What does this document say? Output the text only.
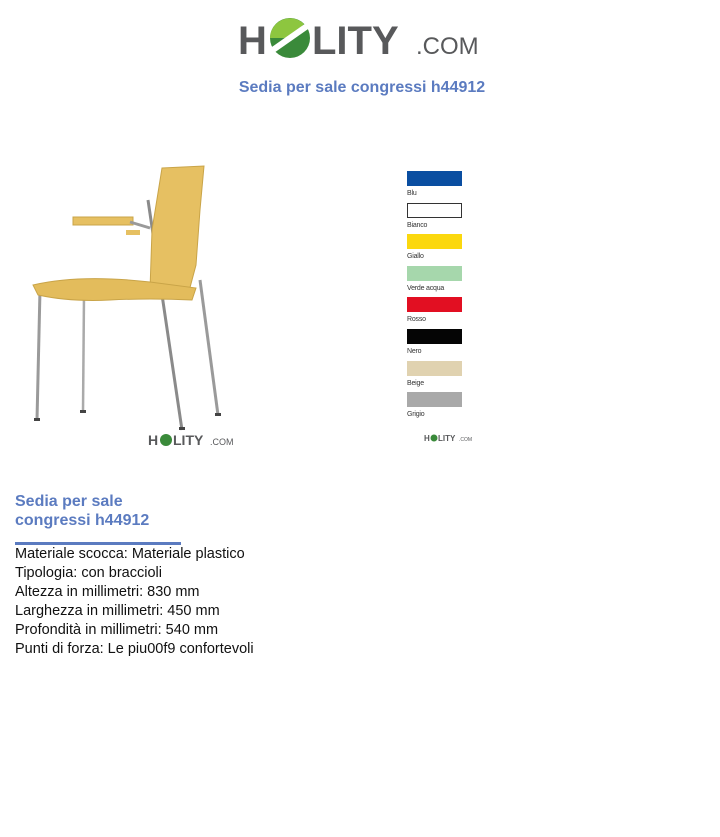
H LITY .COM
Sedia per sale congressi h44912
H LITY .COM
Blu
Bianco
Giallo
Verde acqua
Rosso
Nero
Beige
Grigio
H LITY .COM
Sedia per sale
congressi h44912
Materiale scocca: Materiale plastico
Tipologia: con braccioli
Altezza in millimetri: 830 mm
Larghezza in millimetri: 450 mm
Profondità in millimetri: 540 mm
Punti di forza: Le piu00f9 confortevoli
